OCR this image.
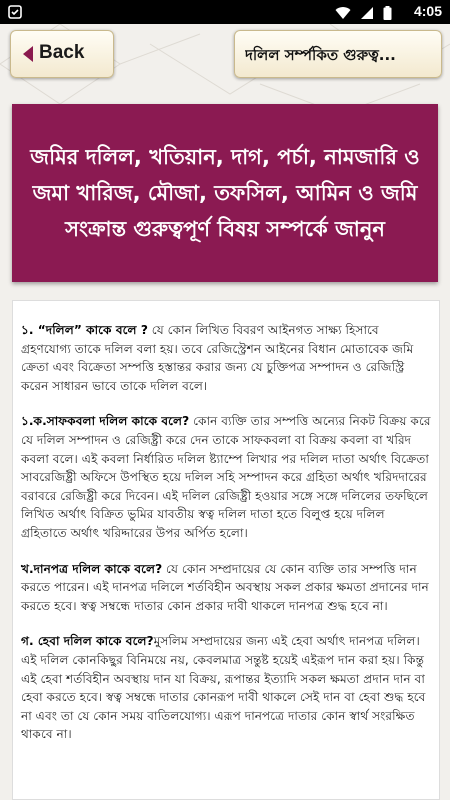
4:05
Back	দলিল সর্ম্পকিত গুরুত্ব...
জমির দলিল, খতিয়ান, দাগ, পর্চা, নামজারি ও জমা খারিজ, মৌজা, তফসিল, আমিন ও জমি সংক্রান্ত গুরুত্বপূর্ণ বিষয় সম্পর্কে জানুন

১. “দলিল” কাকে বলে ? যে কোন লিখিত বিবরণ আইনগত সাক্ষ্য হিসাবে গ্রহণযোগ্য তাকে দলিল বলা হয়। তবে রেজিস্ট্রেশন আইনের বিধান মোতাবেক জমি ক্রেতা এবং বিক্রেতা সম্পত্তি হস্তান্তর করার জন্য যে চুক্তিপত্র সম্পাদন ও রেজিস্ট্রি করেন সাধারন ভাবে তাকে দলিল বলে।

১.ক.সাফকবলা দলিল কাকে বলে? কোন ব্যক্তি তার সম্পত্তি অন্যের নিকট বিক্রয় করে যে দলিল সম্পাদন ও রেজিষ্ট্রী করে দেন তাকে সাফকবলা বা বিক্রয় কবলা বা খরিদ কবলা বলে। এই কবলা নির্ধারিত দলিল ষ্ট্যাম্পে লিখার পর দলিল দাতা অর্থাৎ বিক্রেতা সাবরেজিষ্ট্রী অফিসে উপস্থিত হয়ে দলিল সহি সম্পাদন করে গ্রহিতা অর্থাৎ খরিদদারের বরাবরে রেজিষ্ট্রী করে দিবেন। এই দলিল রেজিষ্ট্রী হওয়ার সঙ্গে সঙ্গে দলিলের তফছিলে লিখিত অর্থাৎ বিক্রিত ভুমির যাবতীয় স্বত্ব দলিল দাতা হতে বিলুপ্ত হয়ে দলিল গ্রহিতাতে অর্থাৎ খরিদ্দারের উপর অর্পিত হলো।

খ.দানপত্র দলিল কাকে বলে? যে কোন সম্প্রদায়ের যে কোন ব্যক্তি তার সম্পত্তি দান করতে পারেন। এই দানপত্র দলিলে শর্তবিহীন অবস্থায় সকল প্রকার ক্ষমতা প্রদানের দান করতে হবে। স্বত্ব সম্বন্ধে দাতার কোন প্রকার দাবী থাকলে দানপত্র শুদ্ধ হবে না।

গ. হেবা দলিল কাকে বলে?মুসলিম সম্প্রদায়ের জন্য এই হেবা অর্থাৎ দানপত্র দলিল। এই দলিল কোনকিছুর বিনিময়ে নয়, কেবলমাত্র সন্তুষ্ট হয়েই এইরূপ দান করা হয়। কিন্তু এই হেবা শর্তবিহীন অবস্থায় দান যা বিক্রয়, রূপান্তর ইত্যাদি সকল ক্ষমতা প্রদান দান বা হেবা করতে হবে। স্বত্ব সম্বন্ধে দাতার কোনরূপ দাবী থাকলে সেই দান বা হেবা শুদ্ধ হবে না এবং তা যে কোন সময় বাতিলযোগ্য। এরূপ দানপত্রে দাতার কোন স্বার্থ সংরক্ষিত থাকবে না।
